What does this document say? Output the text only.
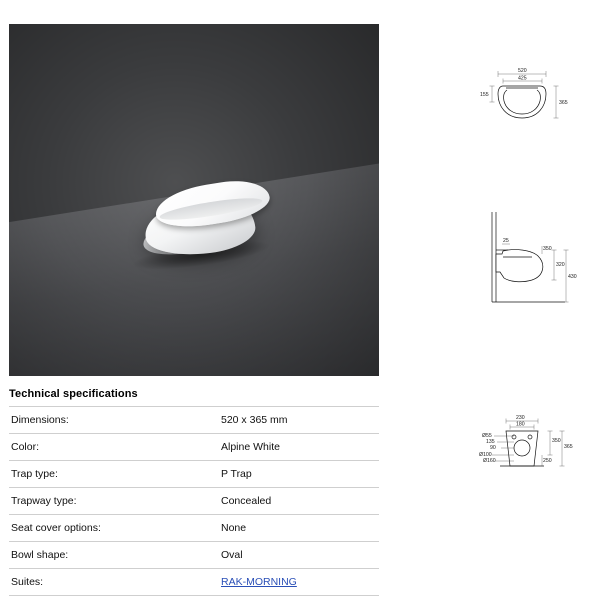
Technical specifications
Dimensions:	520 x 365 mm
Color:	Alpine White
Trap type:	P Trap
Trapway type:	Concealed
Seat cover options:	None
Bowl shape:	Oval
Suites:	RAK-MORNING
520
425
155
365
25
320
430
350
230
180
Ø55
135
90
Ø100
Ø160
350
365
250
